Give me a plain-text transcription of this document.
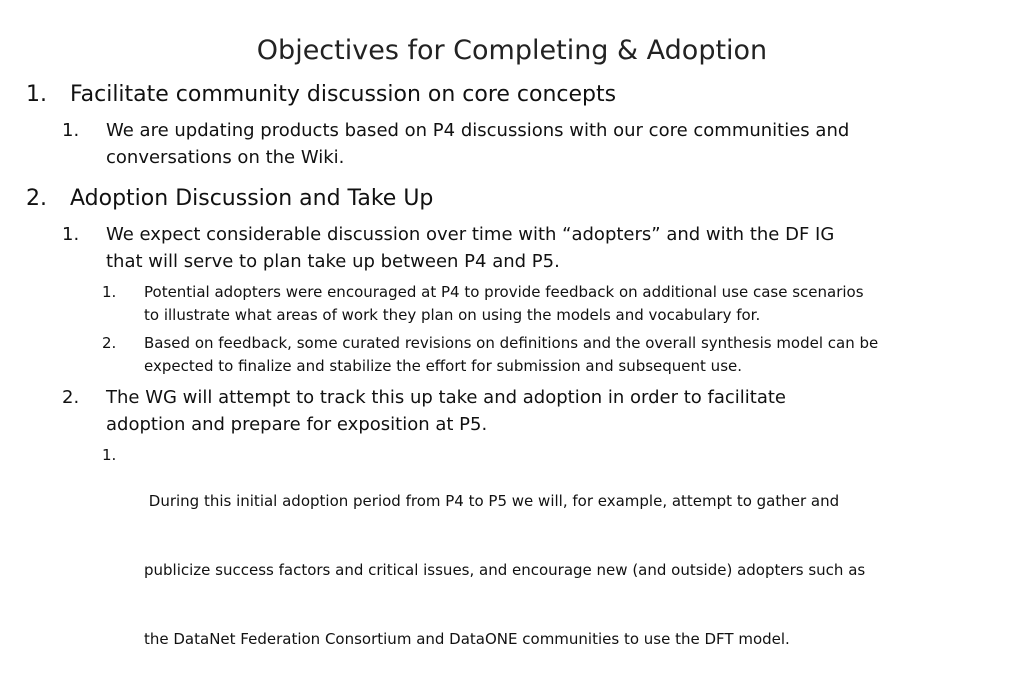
Objectives for Completing & Adoption
1. Facilitate community discussion on core concepts
1. We are updating products based on P4 discussions with our core communities and
conversations on the Wiki.
2. Adoption Discussion and Take Up
1. We expect considerable discussion over time with “adopters” and with the DF IG
that will serve to plan take up between P4 and P5.
1. Potential adopters were encouraged at P4 to provide feedback on additional use case scenarios
to illustrate what areas of work they plan on using the models and vocabulary for.
2. Based on feedback, some curated revisions on definitions and the overall synthesis model can be
expected to finalize and stabilize the effort for submission and subsequent use.
2. The WG will attempt to track this up take and adoption in order to facilitate
adoption and prepare for exposition at P5.
1.

During this initial adoption period from P4 to P5 we will, for example, attempt to gather and

publicize success factors and critical issues, and encourage new (and outside) adopters such as

the DataNet Federation Consortium and DataONE communities to use the DFT model.
